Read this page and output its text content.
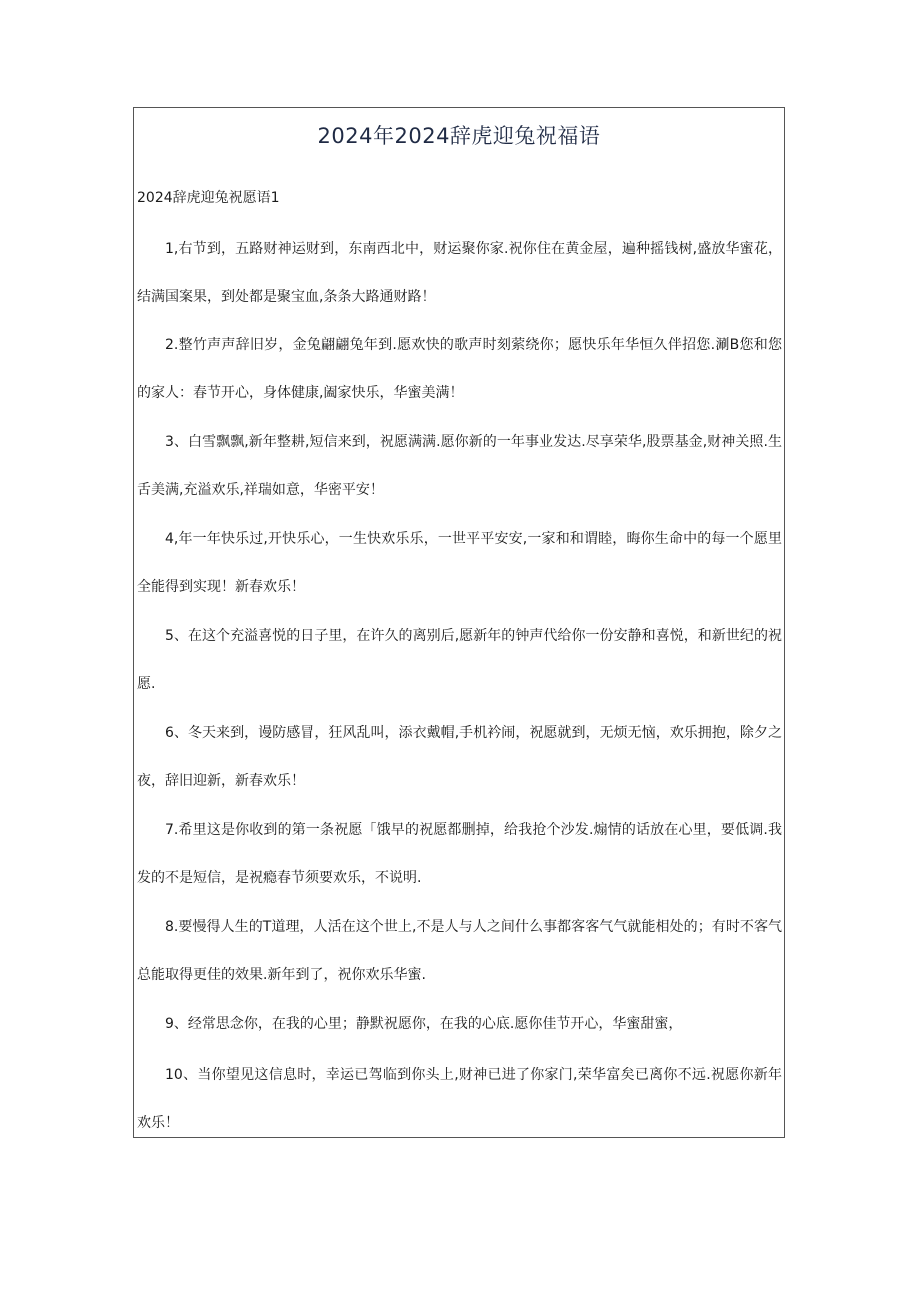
2024年2024辞虎迎兔祝福语
2024辞虎迎兔祝愿语1

1,右节到，五路财神运财到，东南西北中，财运聚你家.祝你住在黄金屋，遍种摇钱树,盛放华蜜花，结满国案果，到处都是聚宝血,条条大路通财路！

2.整竹声声辞旧岁，金兔翩翩兔年到.愿欢快的歌声时刻萦绕你；愿快乐年华恒久伴招您.涮B您和您的家人：春节开心，身体健康,阖家快乐，华蜜美满！

3、白雪飘飘,新年整耕,短信来到，祝愿满满.愿你新的一年事业发达.尽享荣华,股票基金,财神关照.生舌美满,充溢欢乐,祥瑞如意，华密平安！

4,年一年快乐过,开快乐心，一生快欢乐乐，一世平平安安,一家和和谓睦，晦你生命中的每一个愿里全能得到实现！新春欢乐！

5、在这个充溢喜悦的日子里，在许久的离别后,愿新年的钟声代给你一份安静和喜悦，和新世纪的祝愿.

6、冬天来到，谩防感冒，狂风乱叫，添衣戴帽,手机衿闹，祝愿就到，无烦无恼，欢乐拥抱，除夕之夜，辞旧迎新，新春欢乐！

7.希里这是你收到的第一条祝愿「饿早的祝愿都删掉，给我抢个沙发.煽情的话放在心里，要低调.我发的不是短信，是祝瘾春节须要欢乐，不说明.

8.要慢得人生的T道理，人活在这个世上,不是人与人之间什么事都客客气气就能相处的；有时不客气总能取得更佳的效果.新年到了，祝你欢乐华蜜.

9、经常思念你，在我的心里；静默祝愿你，在我的心底.愿你佳节开心，华蜜甜蜜，

10、当你望见这信息时，幸运已驾临到你头上,财神已进了你家门,荣华富矣已离你不远.祝愿你新年欢乐！
